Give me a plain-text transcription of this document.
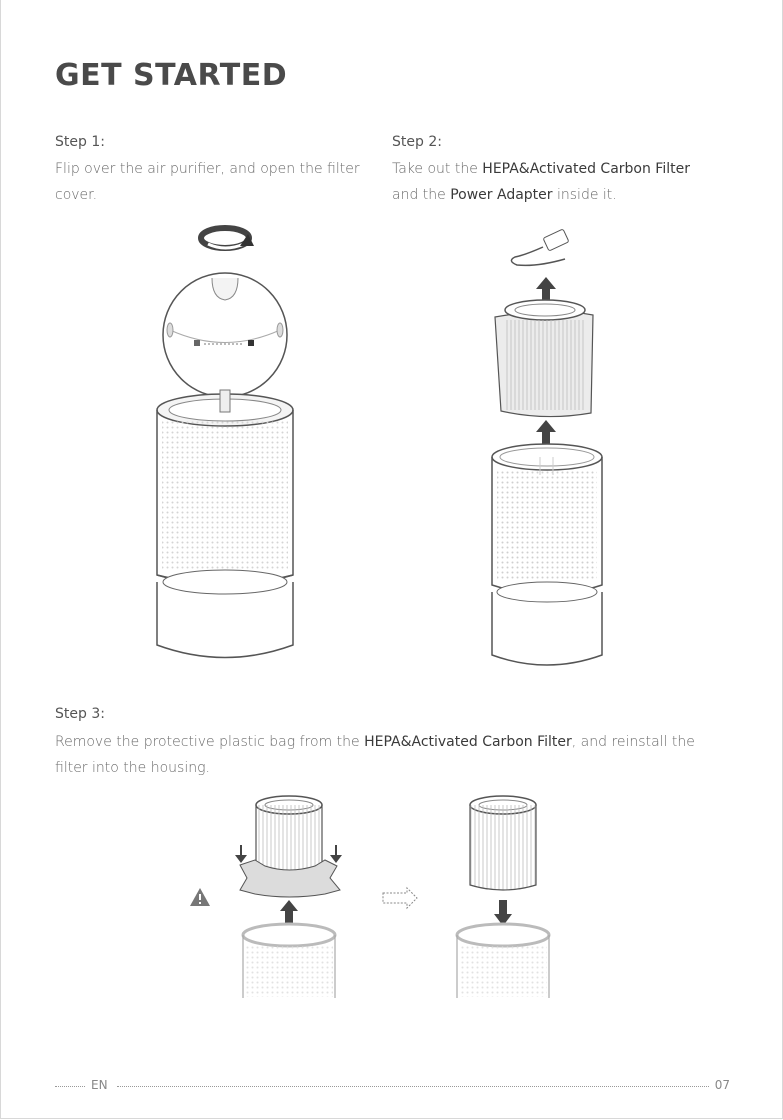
GET STARTED
Step 1:
Flip over the air purifier, and open the filter cover.
Step 2:
Take out the HEPA&Activated Carbon Filter
and the Power Adapter inside it.
Step 3:
Remove the protective plastic bag from the HEPA&Activated Carbon Filter, and reinstall the filter into the housing.
EN	07
